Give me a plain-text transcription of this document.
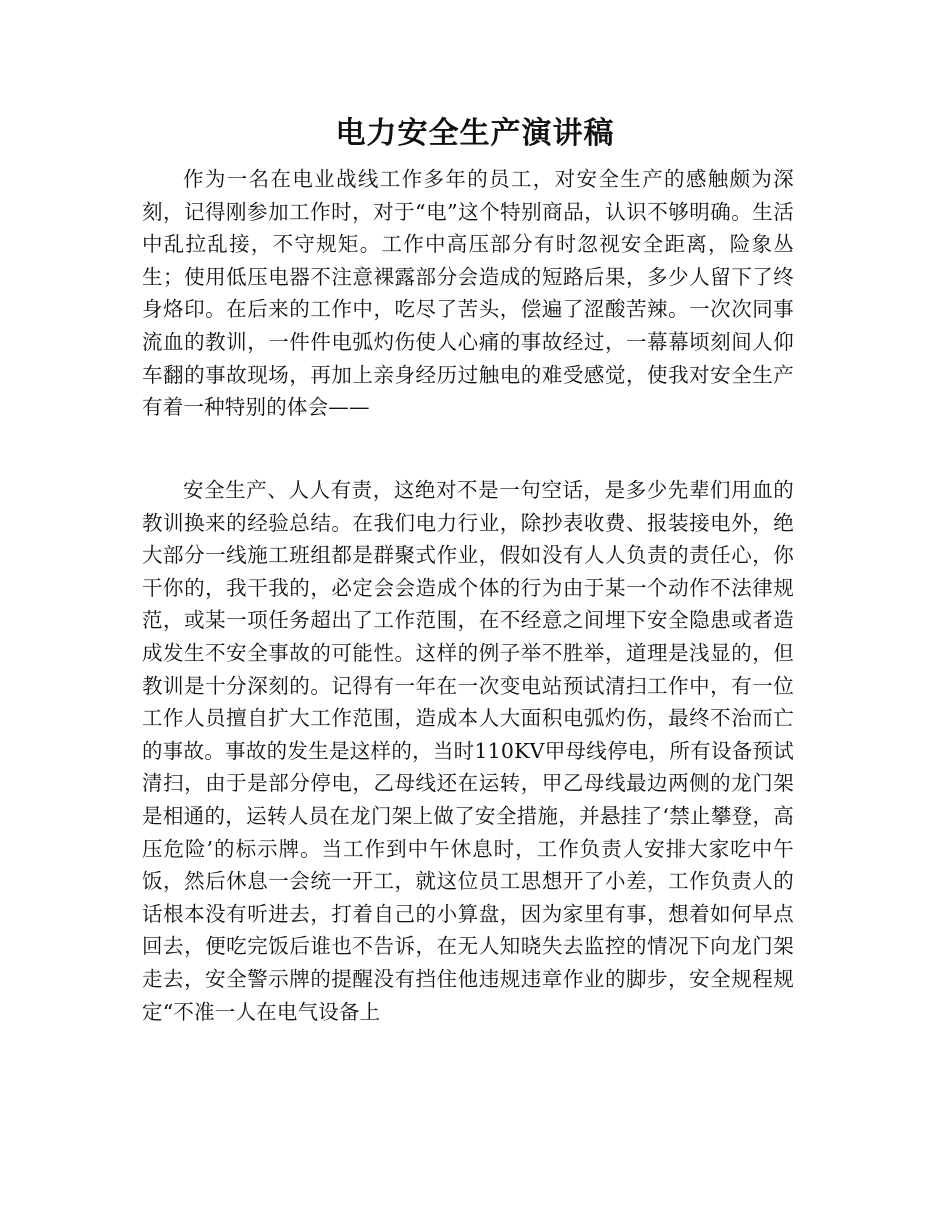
电力安全生产演讲稿

作为一名在电业战线工作多年的员工，对安全生产的感触颇为深刻，记得刚参加工作时，对于“电”这个特别商品，认识不够明确。生活中乱拉乱接，不守规矩。工作中高压部分有时忽视安全距离，险象丛生；使用低压电器不注意裸露部分会造成的短路后果，多少人留下了终身烙印。在后来的工作中，吃尽了苦头，偿遍了涩酸苦辣。一次次同事流血的教训，一件件电弧灼伤使人心痛的事故经过，一幕幕顷刻间人仰车翻的事故现场，再加上亲身经历过触电的难受感觉，使我对安全生产有着一种特别的体会——

安全生产、人人有责，这绝对不是一句空话，是多少先辈们用血的教训换来的经验总结。在我们电力行业，除抄表收费、报装接电外，绝大部分一线施工班组都是群聚式作业，假如没有人人负责的责任心，你干你的，我干我的，必定会会造成个体的行为由于某一个动作不法律规范，或某一项任务超出了工作范围，在不经意之间埋下安全隐患或者造成发生不安全事故的可能性。这样的例子举不胜举，道理是浅显的，但教训是十分深刻的。记得有一年在一次变电站预试清扫工作中，有一位工作人员擅自扩大工作范围，造成本人大面积电弧灼伤，最终不治而亡的事故。事故的发生是这样的，当时110KV甲母线停电，所有设备预试清扫，由于是部分停电，乙母线还在运转，甲乙母线最边两侧的龙门架是相通的，运转人员在龙门架上做了安全措施，并悬挂了‘禁止攀登，高压危险’的标示牌。当工作到中午休息时，工作负责人安排大家吃中午饭，然后休息一会统一开工，就这位员工思想开了小差，工作负责人的话根本没有听进去，打着自己的小算盘，因为家里有事，想着如何早点回去，便吃完饭后谁也不告诉，在无人知晓失去监控的情况下向龙门架走去，安全警示牌的提醒没有挡住他违规违章作业的脚步，安全规程规定“不准一人在电气设备上
